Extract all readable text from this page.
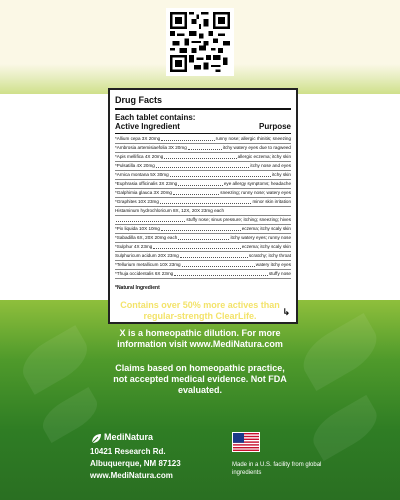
Drug Facts
Each tablet contains:
Active Ingredient	Purpose
*Allium cepa 3X 20mg	runny nose; allergic rhinitis; sneezing
*Ambrosia artemisiaefolia 3X 20mg	itchy watery eyes due to ragweed
*Apis mellifica 4X 20mg	allergic eczema; itchy skin
*Pulsatilla 4X 20mg	itchy nose and eyes
*Arnica montana 5X 30mg	itchy skin
*Euphrasia officinalis 3X 23mg	eye allergy symptoms; headache
*Galphimia glauca 3X 20mg	sneezing; runny nose; watery eyes
*Graphites 10X 23mg	minor skin irritation
Histaminum hydrochloricum 8X, 12X, 20X 23mg each
stuffy nose; sinus pressure; itching; sneezing; hives
*Pix liquida 10X 10mg	eczema; itchy scaly skin
*Sabadilla 6X, 20X 20mg each	itchy watery eyes; runny nose
*Sulphur 4X 23mg	eczema; itchy scaly skin
Sulphuricum acidum 20X 23mg	scratchy; itchy throat
*Tellurium metallicum 10X 23mg	watery itchy eyes
*Thuja occidentalis 6X 23mg	stuffy nose
*Natural Ingredient
↳
Contains over 50% more actives than regular-strength ClearLife.
X is a homeopathic dilution. For more information visit www.MediNatura.com
Claims based on homeopathic practice, not accepted medical evidence. Not FDA evaluated.
MediNatura
10421 Research Rd.
Albuquerque, NM 87123
www.MediNatura.com
Made in a U.S. facility from global ingredients
